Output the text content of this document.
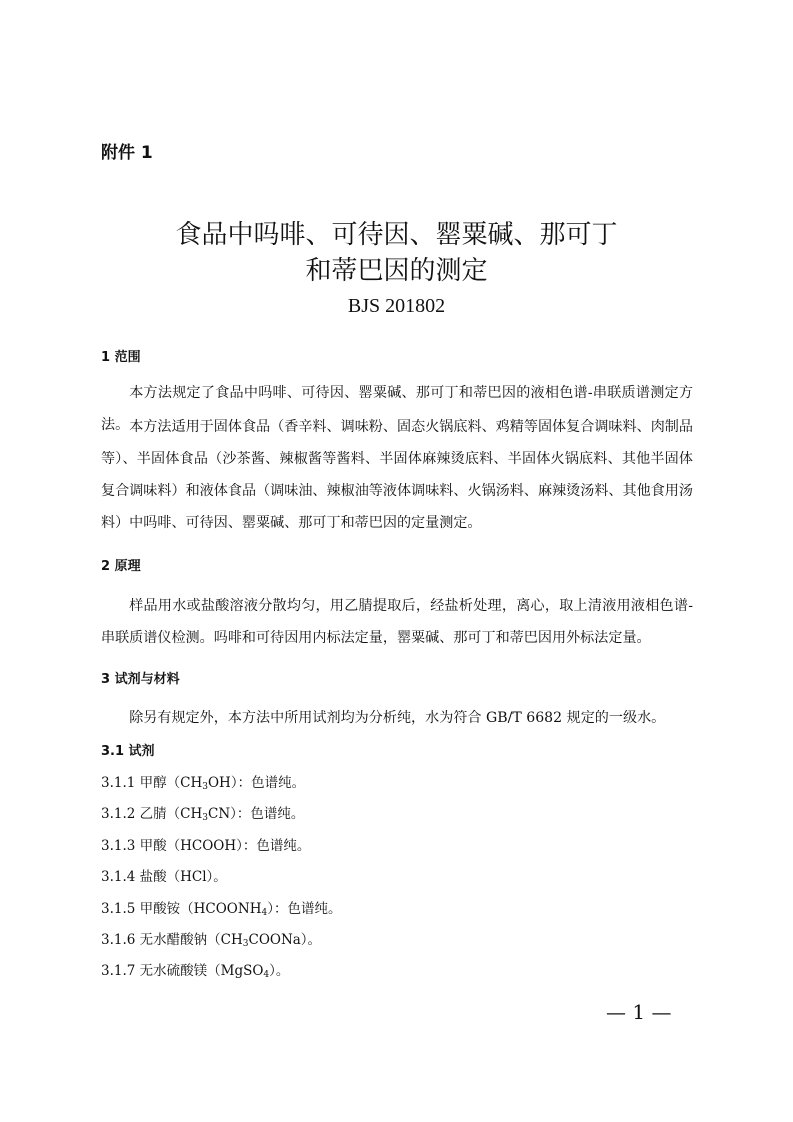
附件 1
食品中吗啡、可待因、罂粟碱、那可丁
和蒂巴因的测定
BJS 201802
1 范围
本方法规定了食品中吗啡、可待因、罂粟碱、那可丁和蒂巴因的液相色谱-串联质谱测定方法。 本方法适用于固体食品（香辛料、调味粉、固态火锅底料、鸡精等固体复合调味料、肉制品等）、半固体食品（沙茶酱、辣椒酱等酱料、半固体麻辣烫底料、半固体火锅底料、其他半固体复合调味料）和液体食品（调味油、辣椒油等液体调味料、火锅汤料、麻辣烫汤料、其他食用汤料）中吗啡、可待因、罂粟碱、那可丁和蒂巴因的定量测定。
2 原理
样品用水或盐酸溶液分散均匀，用乙腈提取后，经盐析处理，离心，取上清液用液相色谱-串联质谱仪检测。吗啡和可待因用内标法定量，罂粟碱、那可丁和蒂巴因用外标法定量。
3 试剂与材料
除另有规定外，本方法中所用试剂均为分析纯，水为符合 GB/T 6682 规定的一级水。
3.1 试剂
3.1.1 甲醇$(CH_3OH)$：色谱纯。
3.1.2 乙腈$(CH_3CN)$：色谱纯。
3.1.3 甲酸（HCOOH）：色谱纯。
3.1.4 盐酸（HCl）。
3.1.5 甲酸铵$(HCOONH_4)$：色谱纯。
3.1.6 无水醋酸钠$(CH_3COONa)$。
3.1.7 无水硫酸镁（MgSO$_4$）。
— 1 —
